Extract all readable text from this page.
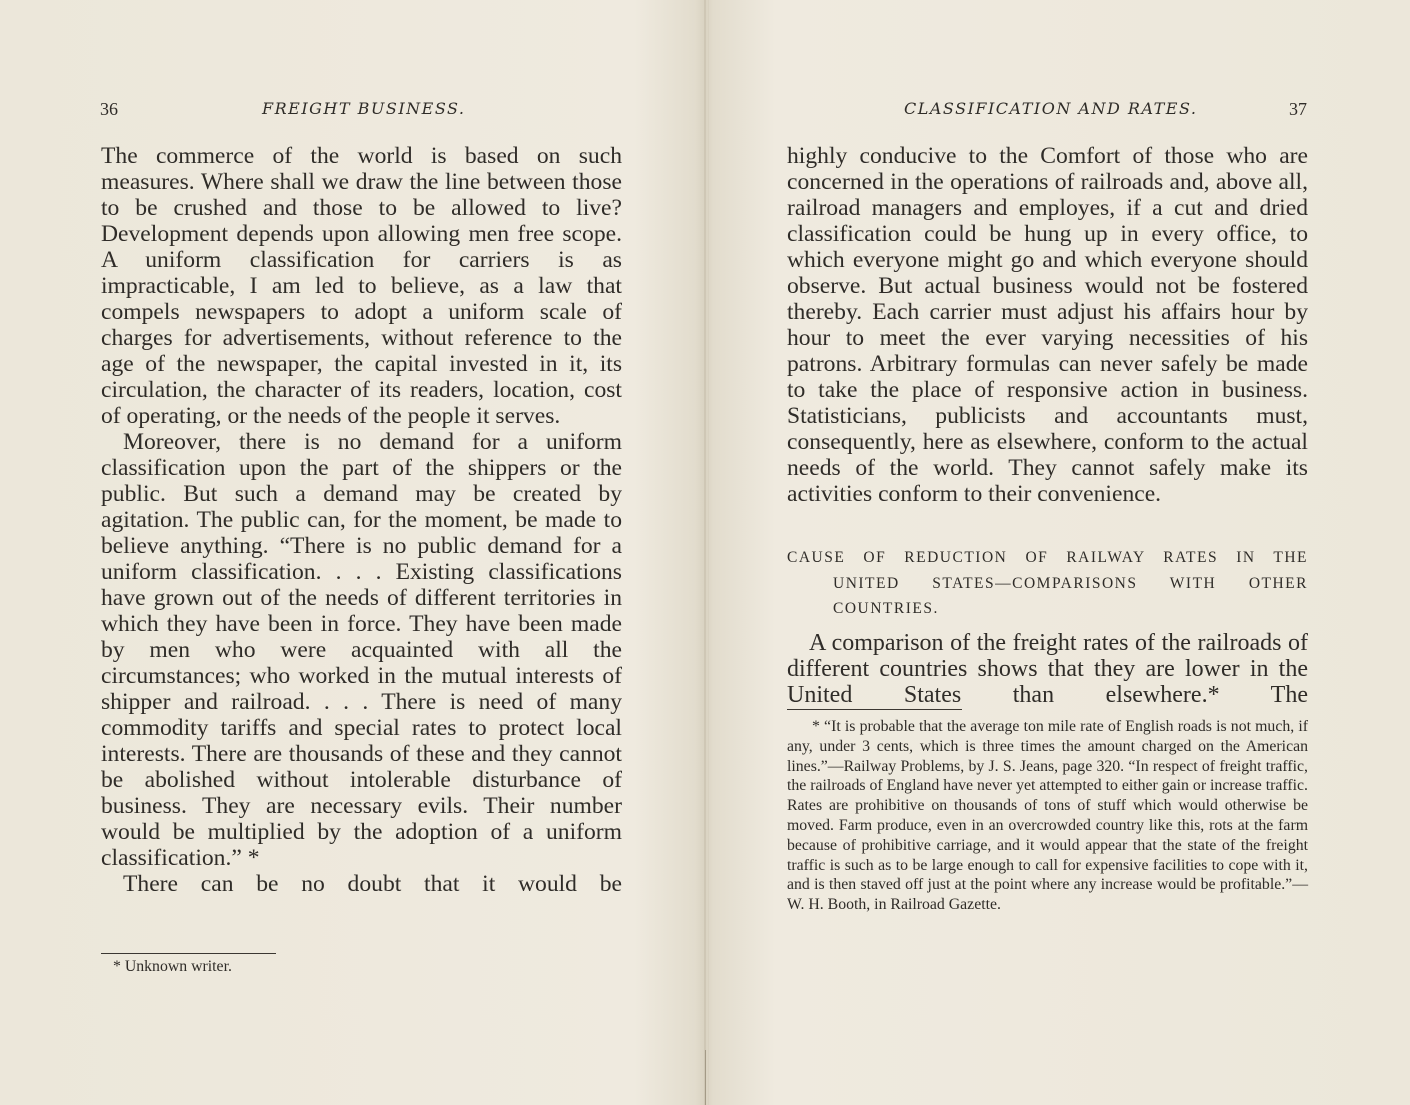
36	FREIGHT BUSINESS.

The commerce of the world is based on such measures. Where shall we draw the line between those to be crushed and those to be allowed to live? Development depends upon allowing men free scope. A uniform classification for carriers is as impracticable, I am led to believe, as a law that compels newspapers to adopt a uniform scale of charges for advertisements, without reference to the age of the newspaper, the capital invested in it, its circulation, the character of its readers, location, cost of operating, or the needs of the people it serves.

Moreover, there is no demand for a uniform classification upon the part of the shippers or the public. But such a demand may be created by agitation. The public can, for the moment, be made to believe anything. “There is no public demand for a uniform classification. . . . Existing classifications have grown out of the needs of different territories in which they have been in force. They have been made by men who were acquainted with all the circumstances; who worked in the mutual interests of shipper and railroad. . . . There is need of many commodity tariffs and special rates to protect local interests. There are thousands of these and they cannot be abolished without intolerable disturbance of business. They are necessary evils. Their number would be multiplied by the adoption of a uniform classification.” *

There can be no doubt that it would be

* Unknown writer.
CLASSIFICATION AND RATES.	37

highly conducive to the Comfort of those who are concerned in the operations of railroads and, above all, railroad managers and employes, if a cut and dried classification could be hung up in every office, to which everyone might go and which everyone should observe. But actual business would not be fostered thereby. Each carrier must adjust his affairs hour by hour to meet the ever varying necessities of his patrons. Arbitrary formulas can never safely be made to take the place of responsive action in business. Statisticians, publicists and accountants must, consequently, here as elsewhere, conform to the actual needs of the world. They cannot safely make its activities conform to their convenience.

CAUSE OF REDUCTION OF RAILWAY RATES IN THE
UNITED STATES—COMPARISONS WITH OTHER
COUNTRIES.

A comparison of the freight rates of the railroads of different countries shows that they are lower in the United States than elsewhere.* The

* “It is probable that the average ton mile rate of English roads is not much, if any, under 3 cents, which is three times the amount charged on the American lines.”—Railway Problems, by J. S. Jeans, page 320. “In respect of freight traffic, the railroads of England have never yet attempted to either gain or increase traffic. Rates are prohibitive on thousands of tons of stuff which would otherwise be moved. Farm produce, even in an overcrowded country like this, rots at the farm because of prohibitive carriage, and it would appear that the state of the freight traffic is such as to be large enough to call for expensive facilities to cope with it, and is then staved off just at the point where any increase would be profitable.”—W. H. Booth, in Railroad Gazette.
